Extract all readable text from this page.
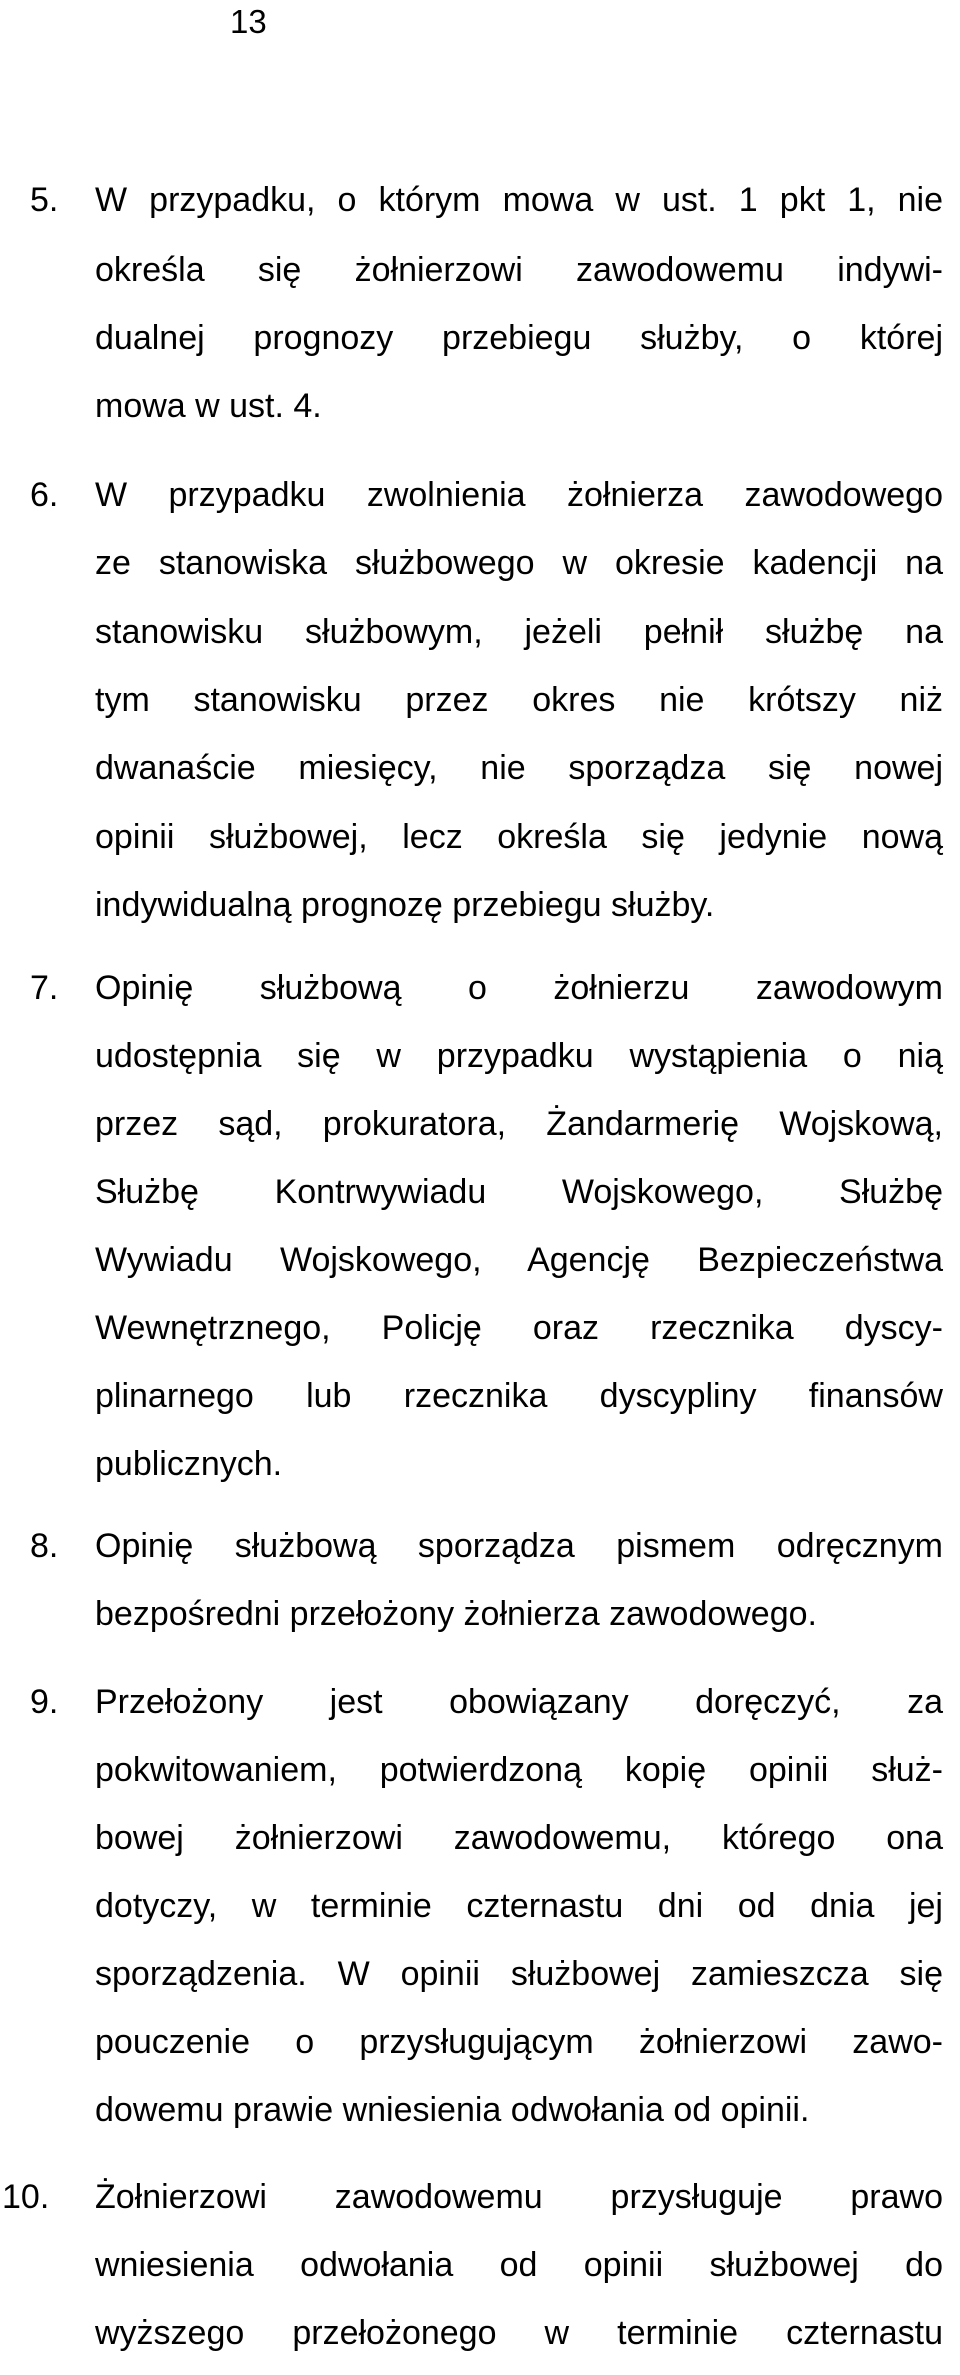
13
5. W przypadku, o którym mowa w ust. 1 pkt 1, nie
określa się żołnierzowi zawodowemu indywi-
dualnej prognozy przebiegu służby, o której
mowa w ust. 4.
6. W przypadku zwolnienia żołnierza zawodowego
ze stanowiska służbowego w okresie kadencji na
stanowisku służbowym, jeżeli pełnił służbę na
tym stanowisku przez okres nie krótszy niż
dwanaście miesięcy, nie sporządza się nowej
opinii służbowej, lecz określa się jedynie nową
indywidualną prognozę przebiegu służby.
7. Opinię służbową o żołnierzu zawodowym
udostępnia się w przypadku wystąpienia o nią
przez sąd, prokuratora, Żandarmerię Wojskową,
Służbę Kontrwywiadu Wojskowego, Służbę
Wywiadu Wojskowego, Agencję Bezpieczeństwa
Wewnętrznego, Policję oraz rzecznika dyscy-
plinarnego lub rzecznika dyscypliny finansów
publicznych.
8. Opinię służbową sporządza pismem odręcznym
bezpośredni przełożony żołnierza zawodowego.
9. Przełożony jest obowiązany doręczyć, za
pokwitowaniem, potwierdzoną kopię opinii służ-
bowej żołnierzowi zawodowemu, którego ona
dotyczy, w terminie czternastu dni od dnia jej
sporządzenia. W opinii służbowej zamieszcza się
pouczenie o przysługującym żołnierzowi zawo-
dowemu prawie wniesienia odwołania od opinii.
10. Żołnierzowi zawodowemu przysługuje prawo
wniesienia odwołania od opinii służbowej do
wyższego przełożonego w terminie czternastu
